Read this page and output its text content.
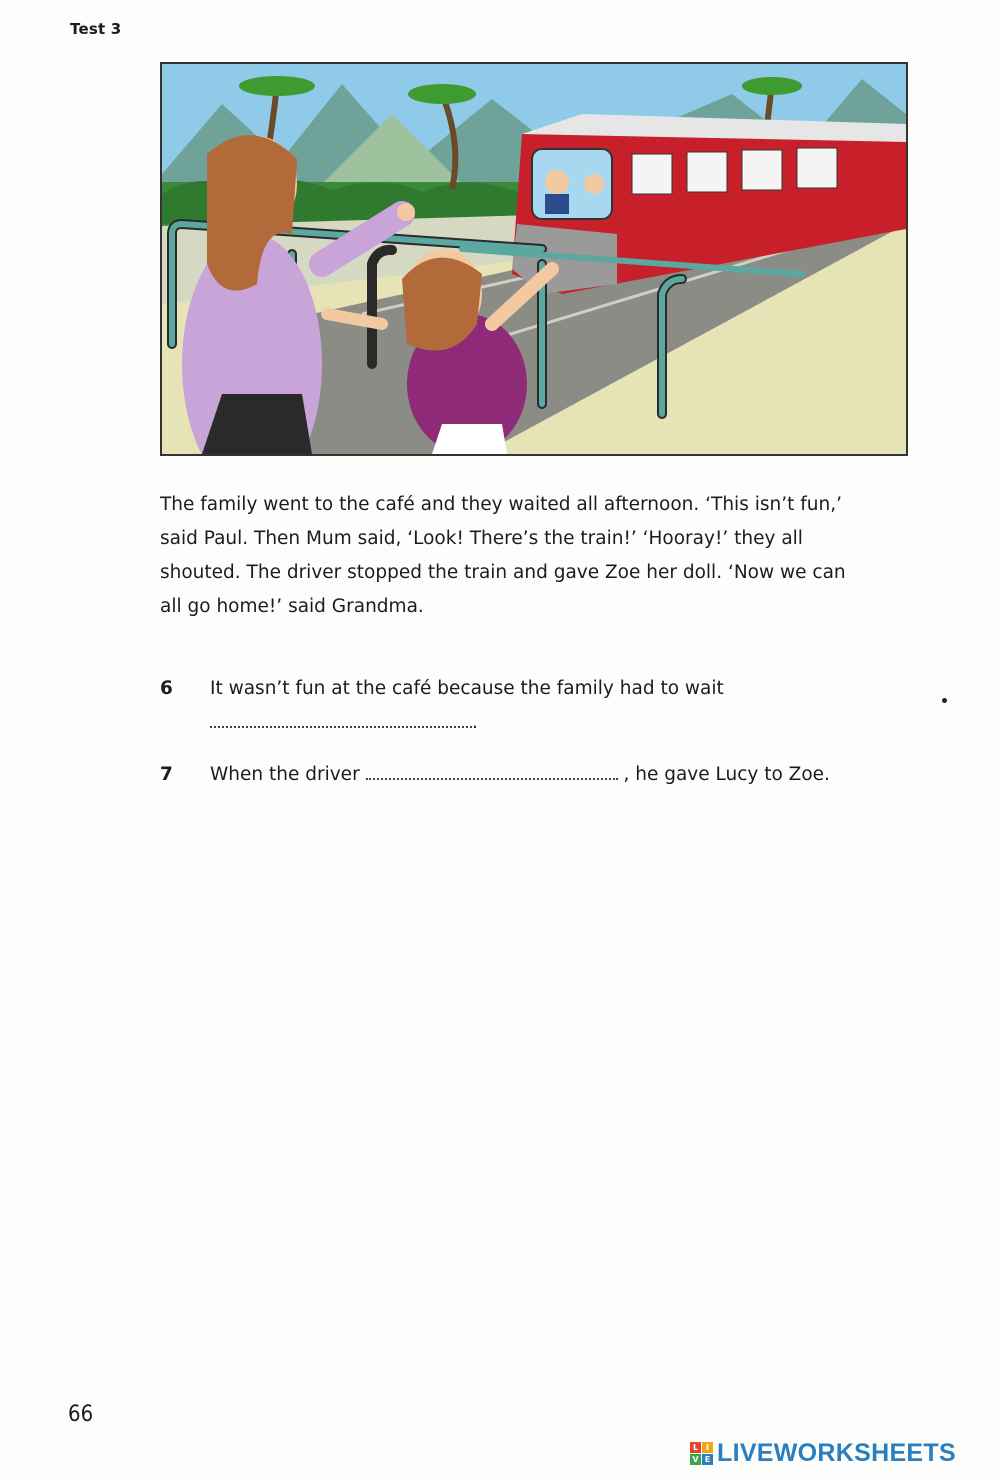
Test 3
The family went to the café and they waited all afternoon. ‘This isn’t fun,’
said Paul. Then Mum said, ‘Look! There’s the train!’ ‘Hooray!’ they all
shouted. The driver stopped the train and gave Zoe her doll. ‘Now we can
all go home!’ said Grandma.
6 It wasn’t fun at the café because the family had to wait
.
7 When the driver	, he gave Lucy to Zoe.
66
L I
V E LIVEWORKSHEETS
